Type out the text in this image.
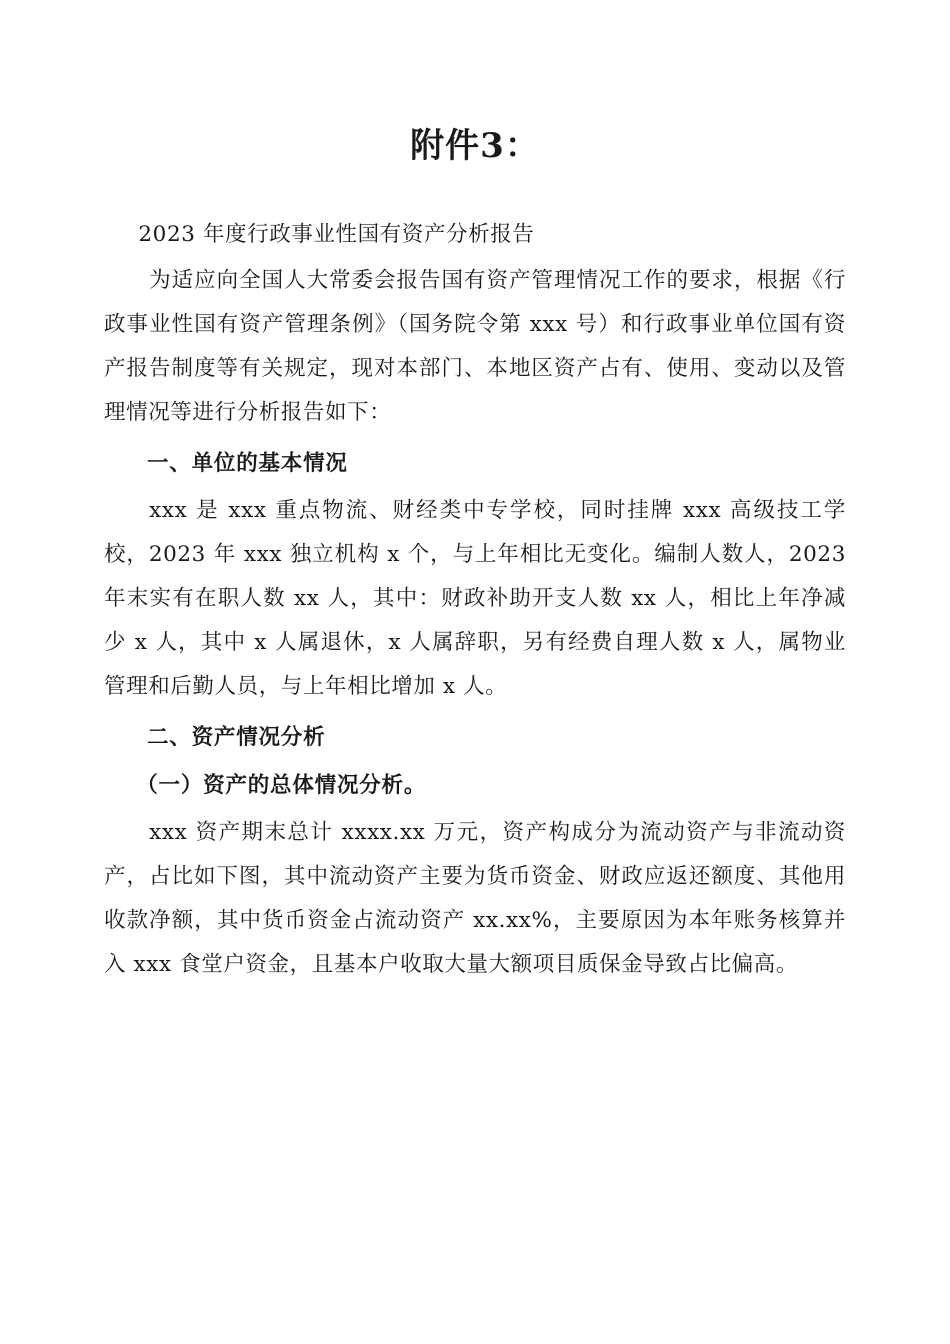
附件3：

2023 年度行政事业性国有资产分析报告

为适应向全国人大常委会报告国有资产管理情况工作的要求，根据《行政事业性国有资产管理条例》（国务院令第 xxx 号）和行政事业单位国有资产报告制度等有关规定，现对本部门、本地区资产占有、使用、变动以及管理情况等进行分析报告如下：

一、单位的基本情况

xxx 是 xxx 重点物流、财经类中专学校，同时挂牌 xxx 高级技工学校，2023 年 xxx 独立机构 x 个，与上年相比无变化。编制人数人，2023 年末实有在职人数 xx 人，其中：财政补助开支人数 xx 人，相比上年净减少 x 人，其中 x 人属退休，x 人属辞职，另有经费自理人数 x 人，属物业管理和后勤人员，与上年相比增加 x 人。

二、资产情况分析

（一）资产的总体情况分析。

xxx 资产期末总计 xxxx.xx 万元，资产构成分为流动资产与非流动资产，占比如下图，其中流动资产主要为货币资金、财政应返还额度、其他用收款净额，其中货币资金占流动资产 xx.xx%，主要原因为本年账务核算并入 xxx 食堂户资金，且基本户收取大量大额项目质保金导致占比偏高。
